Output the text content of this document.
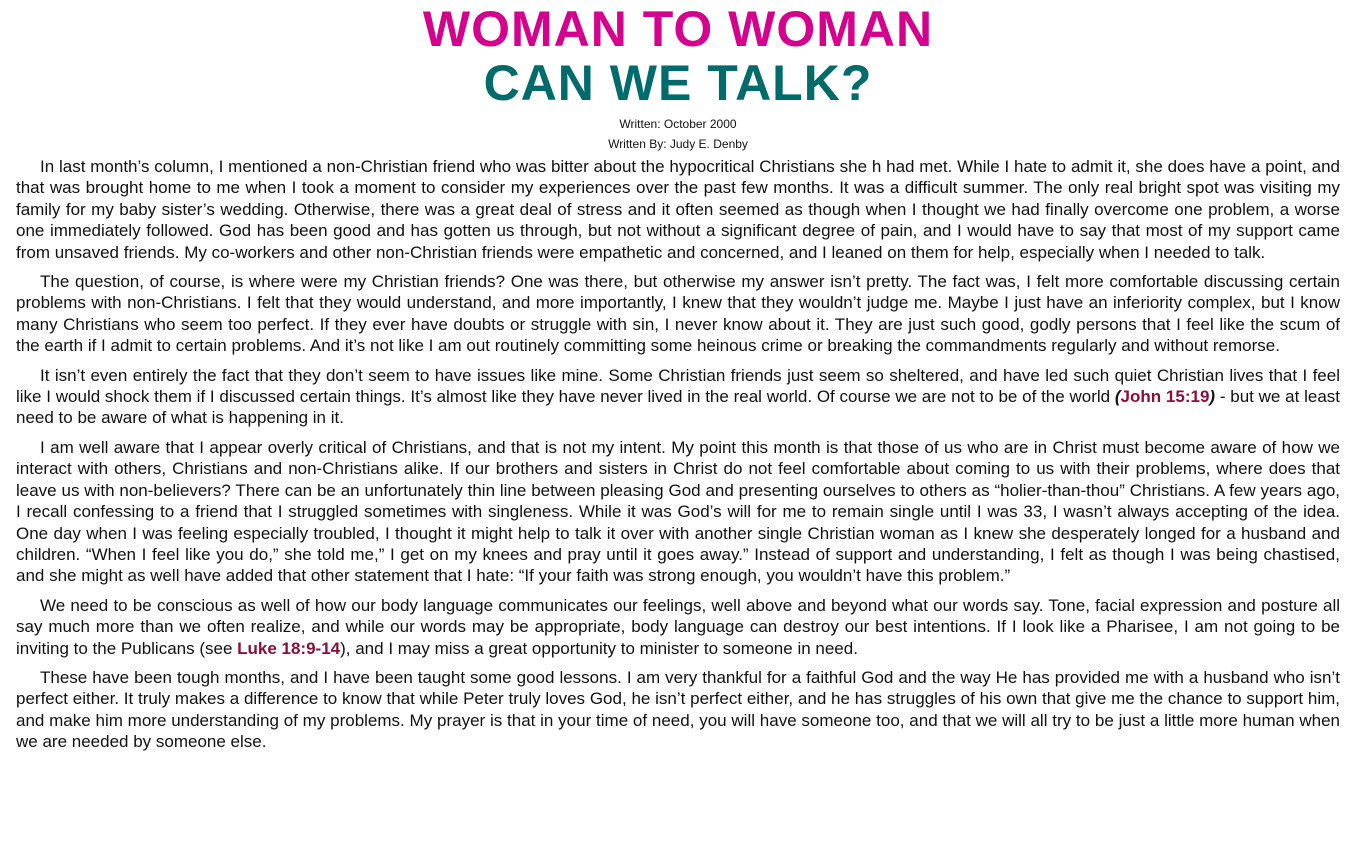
WOMAN TO WOMAN
CAN WE TALK?
Written: October 2000
Written By: Judy E. Denby

In last month’s column, I mentioned a non-Christian friend who was bitter about the hypocritical Christians she h had met. While I hate to admit it, she does have a point, and that was brought home to me when I took a moment to consider my experiences over the past few months. It was a difficult summer. The only real bright spot was visiting my family for my baby sister’s wedding. Otherwise, there was a great deal of stress and it often seemed as though when I thought we had finally overcome one problem, a worse one immediately followed. God has been good and has gotten us through, but not without a significant degree of pain, and I would have to say that most of my support came from unsaved friends. My co-workers and other non-Christian friends were empathetic and concerned, and I leaned on them for help, especially when I needed to talk.

The question, of course, is where were my Christian friends? One was there, but otherwise my answer isn’t pretty. The fact was, I felt more comfortable discussing certain problems with non-Christians. I felt that they would understand, and more importantly, I knew that they wouldn’t judge me. Maybe I just have an inferiority complex, but I know many Christians who seem too perfect. If they ever have doubts or struggle with sin, I never know about it. They are just such good, godly persons that I feel like the scum of the earth if I admit to certain problems. And it’s not like I am out routinely committing some heinous crime or breaking the commandments regularly and without remorse.

It isn’t even entirely the fact that they don’t seem to have issues like mine. Some Christian friends just seem so sheltered, and have led such quiet Christian lives that I feel like I would shock them if I discussed certain things. It’s almost like they have never lived in the real world. Of course we are not to be of the world (John 15:19) - but we at least need to be aware of what is happening in it.

I am well aware that I appear overly critical of Christians, and that is not my intent. My point this month is that those of us who are in Christ must become aware of how we interact with others, Christians and non-Christians alike. If our brothers and sisters in Christ do not feel comfortable about coming to us with their problems, where does that leave us with non-believers? There can be an unfortunately thin line between pleasing God and presenting ourselves to others as “holier-than-thou” Christians. A few years ago, I recall confessing to a friend that I struggled sometimes with singleness. While it was God’s will for me to remain single until I was 33, I wasn’t always accepting of the idea. One day when I was feeling especially troubled, I thought it might help to talk it over with another single Christian woman as I knew she desperately longed for a husband and children. “When I feel like you do,” she told me,” I get on my knees and pray until it goes away.” Instead of support and understanding, I felt as though I was being chastised, and she might as well have added that other statement that I hate: “If your faith was strong enough, you wouldn’t have this problem.”

We need to be conscious as well of how our body language communicates our feelings, well above and beyond what our words say. Tone, facial expression and posture all say much more than we often realize, and while our words may be appropriate, body language can destroy our best intentions. If I look like a Pharisee, I am not going to be inviting to the Publicans (see Luke 18:9-14), and I may miss a great opportunity to minister to someone in need.

These have been tough months, and I have been taught some good lessons. I am very thankful for a faithful God and the way He has provided me with a husband who isn’t perfect either. It truly makes a difference to know that while Peter truly loves God, he isn’t perfect either, and he has struggles of his own that give me the chance to support him, and make him more understanding of my problems. My prayer is that in your time of need, you will have someone too, and that we will all try to be just a little more human when we are needed by someone else.
